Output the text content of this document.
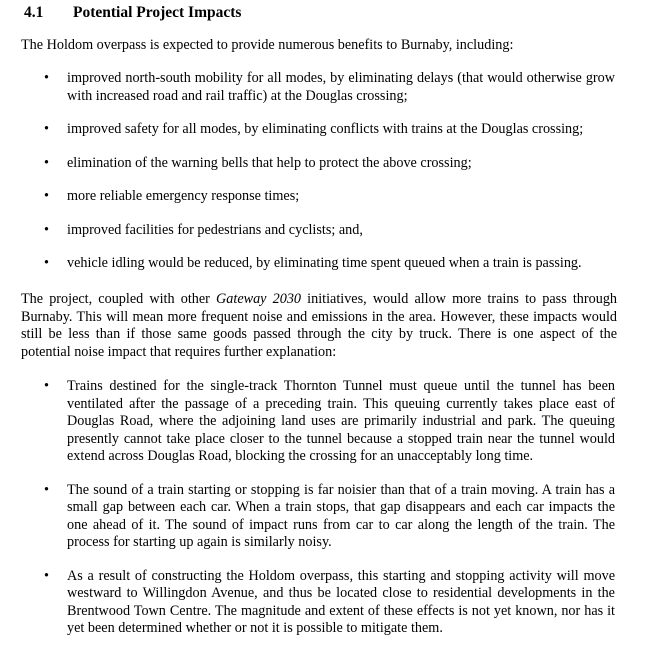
4.1 Potential Project Impacts

The Holdom overpass is expected to provide numerous benefits to Burnaby, including:

• improved north-south mobility for all modes, by eliminating delays (that would otherwise grow with increased road and rail traffic) at the Douglas crossing;
• improved safety for all modes, by eliminating conflicts with trains at the Douglas crossing;
• elimination of the warning bells that help to protect the above crossing;
• more reliable emergency response times;
• improved facilities for pedestrians and cyclists; and,
• vehicle idling would be reduced, by eliminating time spent queued when a train is passing.

The project, coupled with other Gateway 2030 initiatives, would allow more trains to pass through Burnaby. This will mean more frequent noise and emissions in the area. However, these impacts would still be less than if those same goods passed through the city by truck. There is one aspect of the potential noise impact that requires further explanation:

• Trains destined for the single-track Thornton Tunnel must queue until the tunnel has been ventilated after the passage of a preceding train. This queuing currently takes place east of Douglas Road, where the adjoining land uses are primarily industrial and park. The queuing presently cannot take place closer to the tunnel because a stopped train near the tunnel would extend across Douglas Road, blocking the crossing for an unacceptably long time.
• The sound of a train starting or stopping is far noisier than that of a train moving. A train has a small gap between each car. When a train stops, that gap disappears and each car impacts the one ahead of it. The sound of impact runs from car to car along the length of the train. The process for starting up again is similarly noisy.
• As a result of constructing the Holdom overpass, this starting and stopping activity will move westward to Willingdon Avenue, and thus be located close to residential developments in the Brentwood Town Centre. The magnitude and extent of these effects is not yet known, nor has it yet been determined whether or not it is possible to mitigate them.
